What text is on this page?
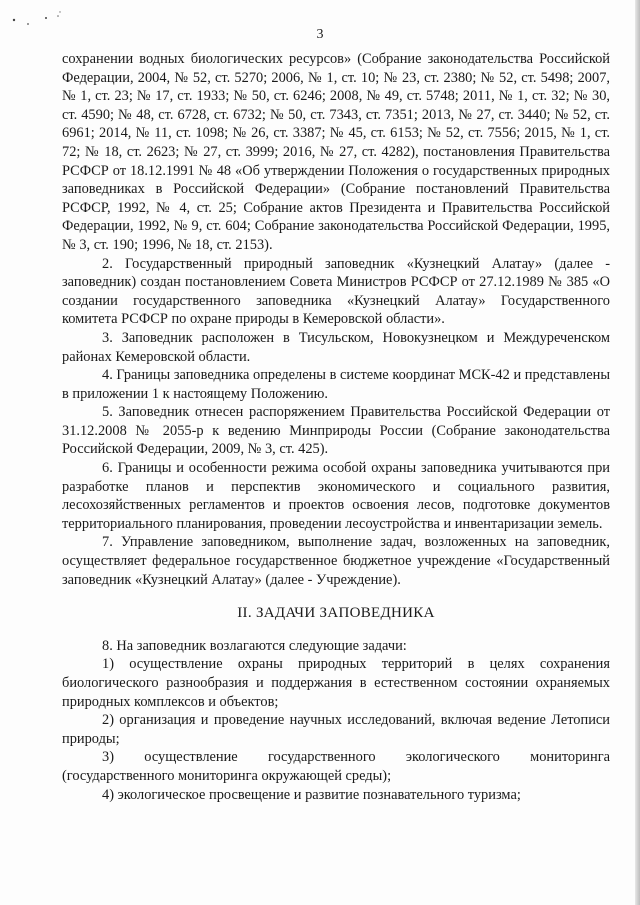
3

сохранении водных биологических ресурсов» (Собрание законодательства Российской Федерации, 2004, № 52, ст. 5270; 2006, № 1, ст. 10; № 23, ст. 2380; № 52, ст. 5498; 2007, № 1, ст. 23; № 17, ст. 1933; № 50, ст. 6246; 2008, № 49, ст. 5748; 2011, № 1, ст. 32; № 30, ст. 4590; № 48, ст. 6728, ст. 6732; № 50, ст. 7343, ст. 7351; 2013, № 27, ст. 3440; № 52, ст. 6961; 2014, № 11, ст. 1098; № 26, ст. 3387; № 45, ст. 6153; № 52, ст. 7556; 2015, № 1, ст. 72; № 18, ст. 2623; № 27, ст. 3999; 2016, № 27, ст. 4282), постановления Правительства РСФСР от 18.12.1991 № 48 «Об утверждении Положения о государственных природных заповедниках в Российской Федерации» (Собрание постановлений Правительства РСФСР, 1992, № 4, ст. 25; Собрание актов Президента и Правительства Российской Федерации, 1992, № 9, ст. 604; Собрание законодательства Российской Федерации, 1995, № 3, ст. 190; 1996, № 18, ст. 2153).

2. Государственный природный заповедник «Кузнецкий Алатау» (далее - заповедник) создан постановлением Совета Министров РСФСР от 27.12.1989 № 385 «О создании государственного заповедника «Кузнецкий Алатау» Государственного комитета РСФСР по охране природы в Кемеровской области».

3. Заповедник расположен в Тисульском, Новокузнецком и Междуреченском районах Кемеровской области.

4. Границы заповедника определены в системе координат МСК-42 и представлены в приложении 1 к настоящему Положению.

5. Заповедник отнесен распоряжением Правительства Российской Федерации от 31.12.2008 № 2055-р к ведению Минприроды России (Собрание законодательства Российской Федерации, 2009, № 3, ст. 425).

6. Границы и особенности режима особой охраны заповедника учитываются при разработке планов и перспектив экономического и социального развития, лесохозяйственных регламентов и проектов освоения лесов, подготовке документов территориального планирования, проведении лесоустройства и инвентаризации земель.

7. Управление заповедником, выполнение задач, возложенных на заповедник, осуществляет федеральное государственное бюджетное учреждение «Государственный заповедник «Кузнецкий Алатау» (далее - Учреждение).

II. ЗАДАЧИ ЗАПОВЕДНИКА

8. На заповедник возлагаются следующие задачи:

1) осуществление охраны природных территорий в целях сохранения биологического разнообразия и поддержания в естественном состоянии охраняемых природных комплексов и объектов;

2) организация и проведение научных исследований, включая ведение Летописи природы;

3) осуществление государственного экологического мониторинга (государственного мониторинга окружающей среды);

4) экологическое просвещение и развитие познавательного туризма;
